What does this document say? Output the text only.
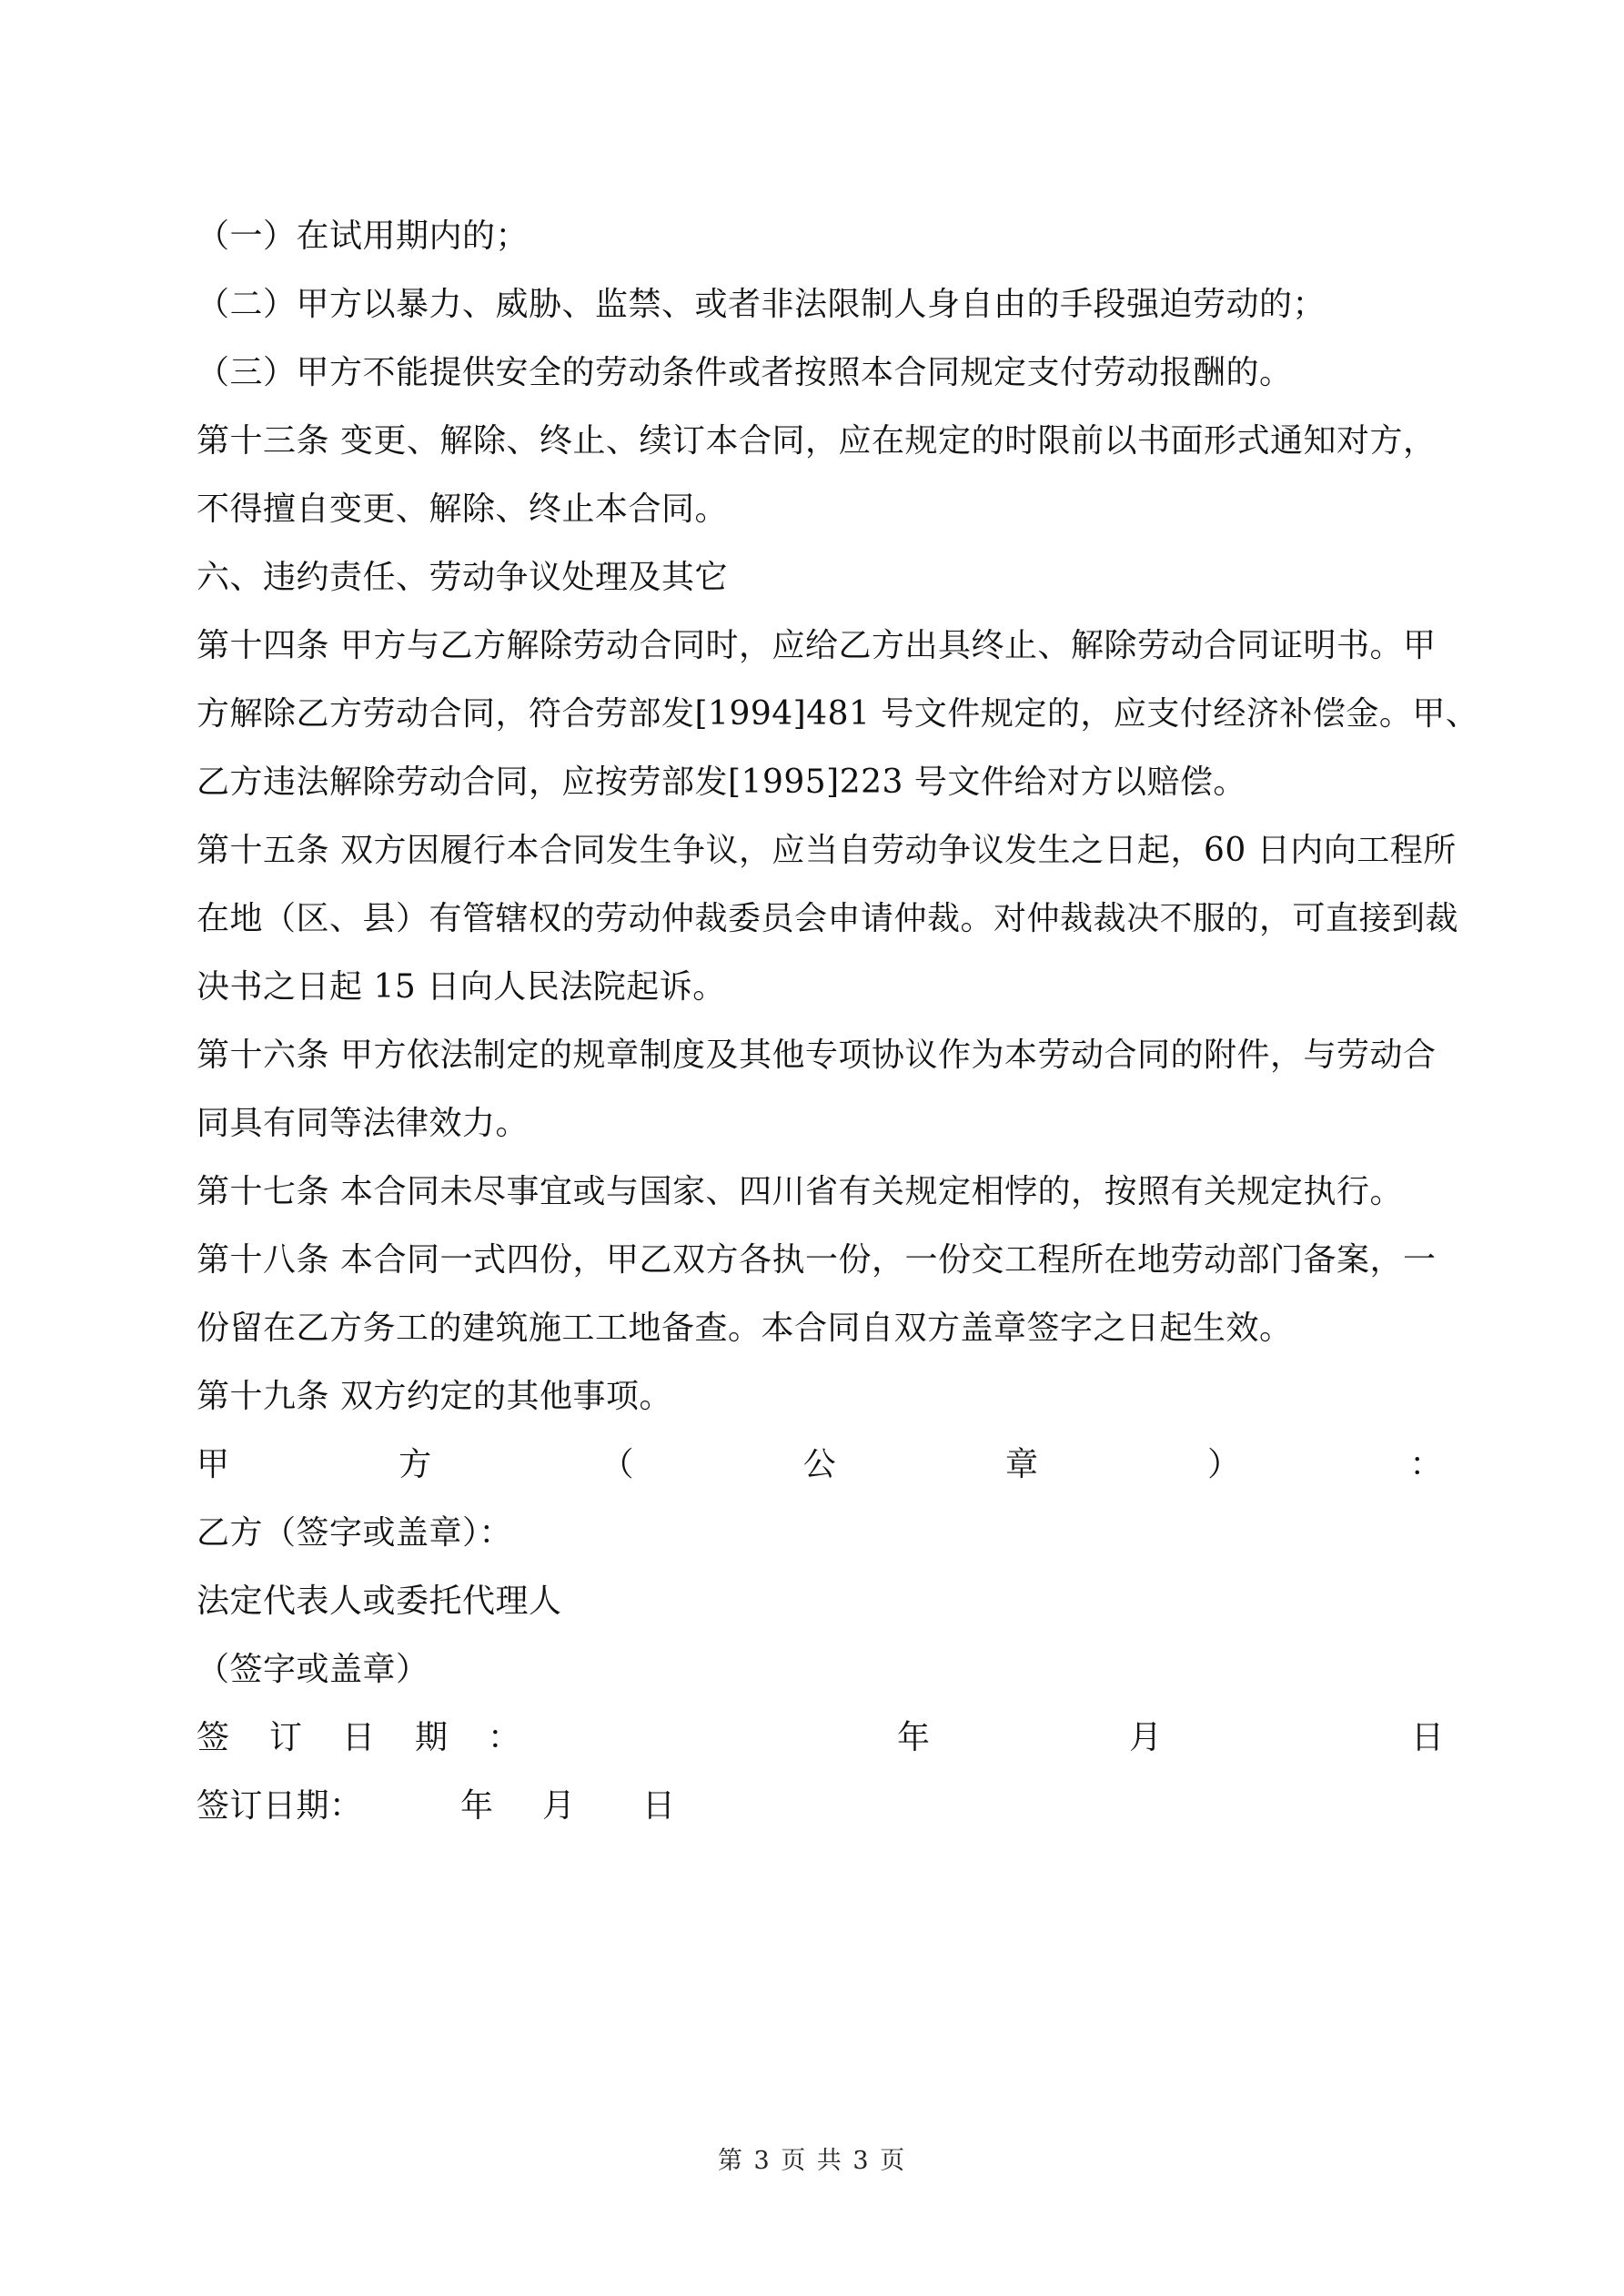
（一）在试用期内的；
（二）甲方以暴力、威胁、监禁、或者非法限制人身自由的手段强迫劳动的；
（三）甲方不能提供安全的劳动条件或者按照本合同规定支付劳动报酬的。
第十三条 变更、解除、终止、续订本合同，应在规定的时限前以书面形式通知对方，
不得擅自变更、解除、终止本合同。
六、违约责任、劳动争议处理及其它
第十四条 甲方与乙方解除劳动合同时，应给乙方出具终止、解除劳动合同证明书。甲
方解除乙方劳动合同，符合劳部发[1994]481 号文件规定的，应支付经济补偿金。甲、
乙方违法解除劳动合同，应按劳部发[1995]223 号文件给对方以赔偿。
第十五条 双方因履行本合同发生争议，应当自劳动争议发生之日起，60 日内向工程所
在地（区、县）有管辖权的劳动仲裁委员会申请仲裁。对仲裁裁决不服的，可直接到裁
决书之日起 15 日向人民法院起诉。
第十六条 甲方依法制定的规章制度及其他专项协议作为本劳动合同的附件，与劳动合
同具有同等法律效力。
第十七条 本合同未尽事宜或与国家、四川省有关规定相悖的，按照有关规定执行。
第十八条 本合同一式四份，甲乙双方各执一份，一份交工程所在地劳动部门备案，一
份留在乙方务工的建筑施工工地备查。本合同自双方盖章签字之日起生效。
第十九条 双方约定的其他事项。
甲	方	（	公	章	）	：
乙方（签字或盖章）：
法定代表人或委托代理人
（签字或盖章）
签	订	日	期	：	年	月	日
签订日期：	年	月	日
第 3 页 共 3 页
